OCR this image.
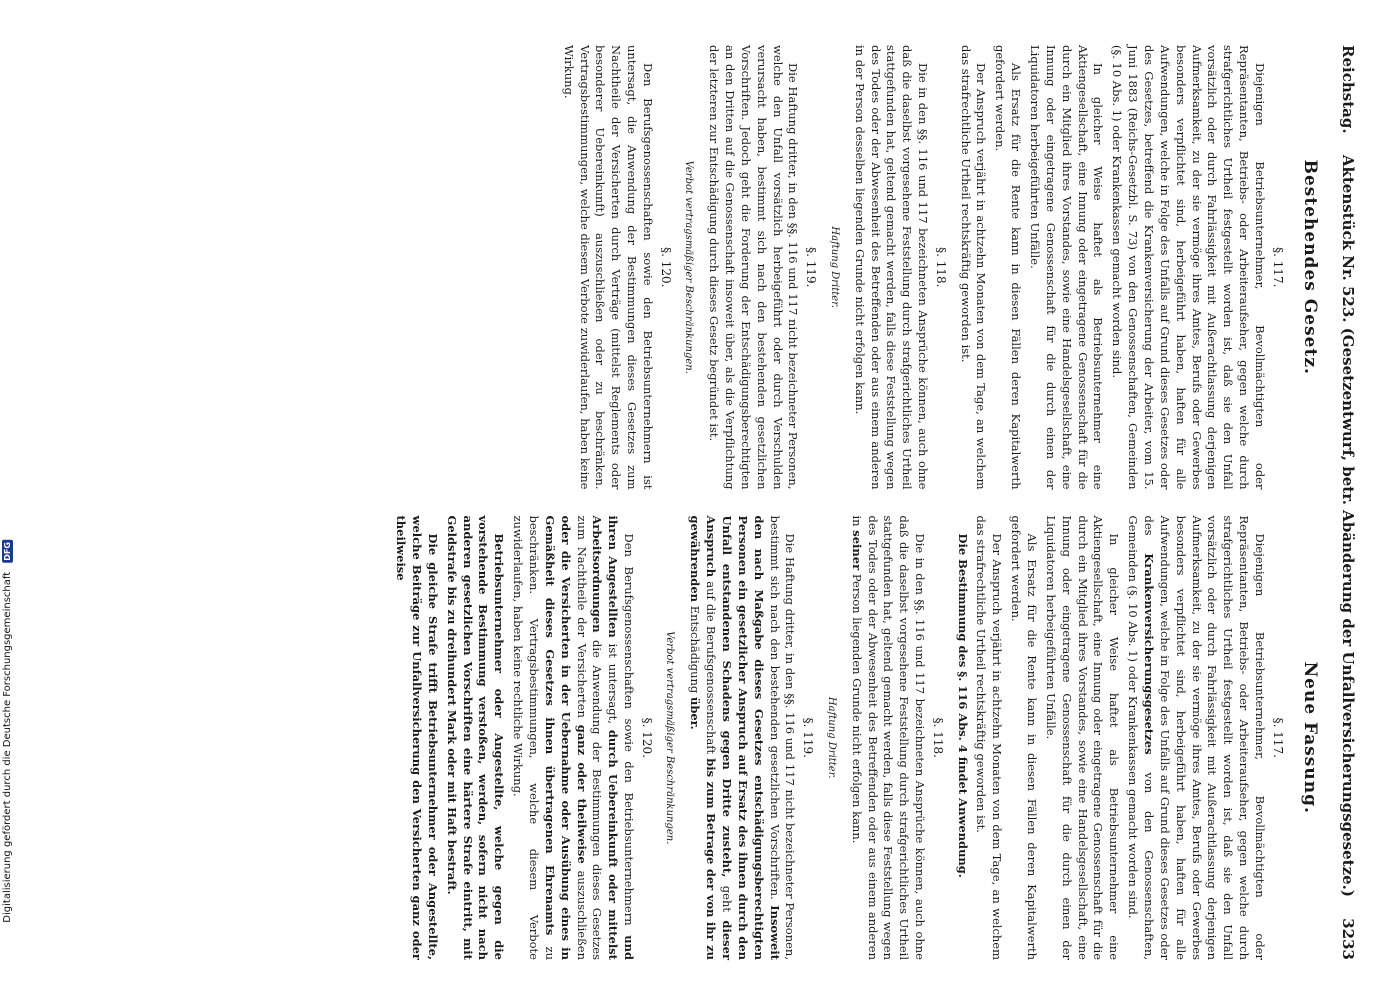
Reichstag.
Aktenstück Nr. 523. (Gesetzentwurf, betr. Abänderung der Unfallversicherungsgesetze.)
3233
Bestehendes Gesetz.
§. 117.

Diejenigen Betriebsunternehmer, Bevollmächtigten oder Repräsentanten, Betriebs- oder Arbeiteraufseher, gegen welche durch strafgerichtliches Urtheil festgestellt worden ist, daß sie den Unfall vorsätzlich oder durch Fahrlässigkeit mit Außerachtlassung derjenigen Aufmerksamkeit, zu der sie vermöge ihres Amtes, Berufs oder Gewerbes besonders verpflichtet sind, herbeigeführt haben, haften für alle Aufwendungen, welche in Folge des Unfalls auf Grund dieses Gesetzes oder des Gesetzes, betreffend die Krankenversicherung der Arbeiter, vom 15. Juni 1883 (Reichs-Gesetzbl. S. 73) von den Genossenschaften, Gemeinden (§. 10 Abs. 1) oder Krankenkassen gemacht worden sind.

In gleicher Weise haftet als Betriebsunternehmer eine Aktiengesellschaft, eine Innung oder eingetragene Genossenschaft für die durch ein Mitglied ihres Vorstandes, sowie eine Handelsgesellschaft, eine Innung oder eingetragene Genossenschaft für die durch einen der Liquidatoren herbeigeführten Unfälle.

Als Ersatz für die Rente kann in diesen Fällen deren Kapitalwerth gefordert werden.

Der Anspruch verjährt in achtzehn Monaten von dem Tage, an welchem das strafrechtliche Urtheil rechtskräftig geworden ist.

§. 118.

Die in den §§. 116 und 117 bezeichneten Ansprüche können, auch ohne daß die daselbst vorgesehene Feststellung durch strafgerichtliches Urtheil stattgefunden hat, geltend gemacht werden, falls diese Feststellung wegen des Todes oder der Abwesenheit des Betreffenden oder aus einem anderen in der Person desselben liegenden Grunde nicht erfolgen kann.

Haftung Dritter.
§. 119.

Die Haftung dritter, in den §§. 116 und 117 nicht bezeichneter Personen, welche den Unfall vorsätzlich herbeigeführt oder durch Verschulden verursacht haben, bestimmt sich nach den bestehenden gesetzlichen Vorschriften. Jedoch geht die Forderung der Entschädigungsberechtigten an den Dritten auf die Genossenschaft insoweit über, als die Verpflichtung der letzteren zur Entschädigung durch dieses Gesetz begründet ist.

Verbot vertragsmäßiger Beschränkungen.
§. 120.

Den Berufsgenossenschaften sowie den Betriebsunternehmern ist untersagt, die Anwendung der Bestimmungen dieses Gesetzes zum Nachtheile der Versicherten durch Verträge (mittelst Reglements oder besonderer Uebereinkunft) auszuschließen oder zu beschränken. Vertragsbestimmungen, welche diesem Verbote zuwiderlaufen, haben keine Wirkung.

Neue Fassung.
§. 117.

Diejenigen Betriebsunternehmer, Bevollmächtigten oder Repräsentanten, Betriebs- oder Arbeiteraufseher, gegen welche durch strafgerichtliches Urtheil festgestellt worden ist, daß sie den Unfall vorsätzlich oder durch Fahrlässigkeit mit Außerachtlassung derjenigen Aufmerksamkeit, zu der sie vermöge ihres Amtes, Berufs oder Gewerbes besonders verpflichtet sind, herbeigeführt haben, haften für alle Aufwendungen, welche in Folge des Unfalls auf Grund dieses Gesetzes oder des Krankenversicherungsgesetzes von den Genossenschaften, Gemeinden (§. 10 Abs. 1) oder Krankenkassen gemacht worden sind.

In gleicher Weise haftet als Betriebsunternehmer eine Aktiengesellschaft, eine Innung oder eingetragene Genossenschaft für die durch ein Mitglied ihres Vorstandes, sowie eine Handelsgesellschaft, eine Innung oder eingetragene Genossenschaft für die durch einen der Liquidatoren herbeigeführten Unfälle.

Als Ersatz für die Rente kann in diesen Fällen deren Kapitalwerth gefordert werden.

Der Anspruch verjährt in achtzehn Monaten von dem Tage, an welchem das strafrechtliche Urtheil rechtskräftig geworden ist.

Die Bestimmung des §. 116 Abs. 4 findet Anwendung.

§. 118.

Die in den §§. 116 und 117 bezeichneten Ansprüche können, auch ohne daß die daselbst vorgesehene Feststellung durch strafgerichtliches Urtheil stattgefunden hat, geltend gemacht werden, falls diese Feststellung wegen des Todes oder der Abwesenheit des Betreffenden oder aus einem anderen in seiner Person liegenden Grunde nicht erfolgen kann.

Haftung Dritter.
§. 119.

Die Haftung dritter, in den §§. 116 und 117 nicht bezeichneter Personen, bestimmt sich nach den bestehenden gesetzlichen Vorschriften. Insoweit den nach Maßgabe dieses Gesetzes entschädigungsberechtigten Personen ein gesetzlicher Anspruch auf Ersatz des ihnen durch den Unfall entstandenen Schadens gegen Dritte zusteht, geht dieser Anspruch auf die Berufsgenossenschaft bis zum Betrage der von ihr zu gewährenden Entschädigung über.

Verbot vertragsmäßiger Beschränkungen.
§. 120.

Den Berufsgenossenschaften sowie den Betriebsunternehmern und ihren Angestellten ist untersagt, durch Uebereinkunft oder mittelst Arbeitsordnungen die Anwendung der Bestimmungen dieses Gesetzes zum Nachtheile der Versicherten ganz oder theilweise auszuschließen oder die Versicherten in der Uebernahme oder Ausübung eines in Gemäßheit dieses Gesetzes ihnen übertragenen Ehrenamts zu beschränken. Vertragsbestimmungen, welche diesem Verbote zuwiderlaufen, haben keine rechtliche Wirkung.

Betriebsunternehmer oder Angestellte, welche gegen die vorstehende Bestimmung verstoßen, werden, sofern nicht nach anderen gesetzlichen Vorschriften eine härtere Strafe eintritt, mit Geldstrafe bis zu dreihundert Mark oder mit Haft bestraft.

Die gleiche Strafe trifft Betriebsunternehmer oder Angestellte, welche Beiträge zur Unfallversicherung den Versicherten ganz oder theilweise

Digitalisierung gefördert durch die Deutsche Forschungsgemeinschaft DFG
